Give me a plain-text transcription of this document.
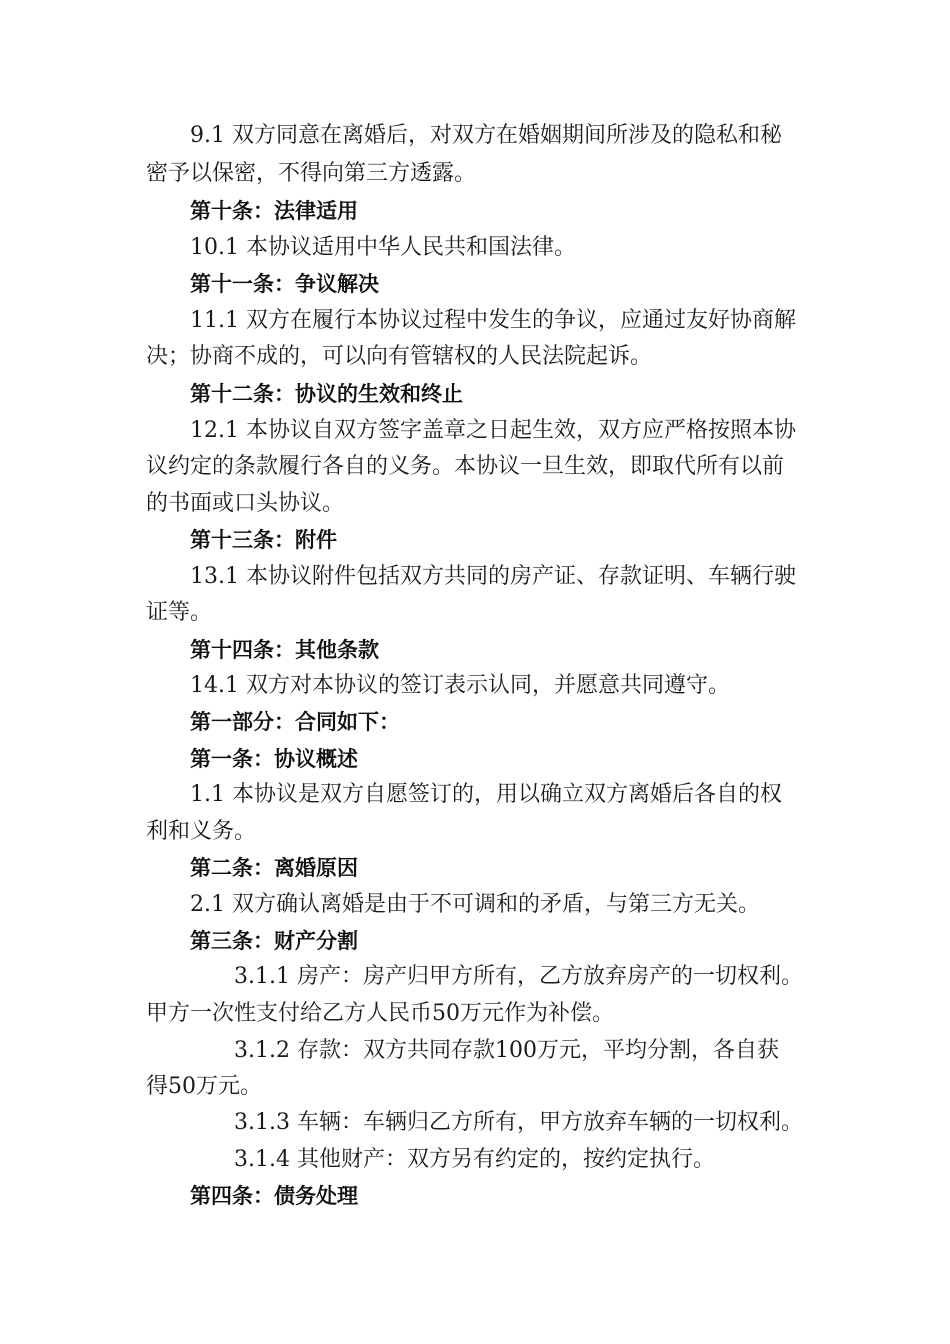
9.1 双方同意在离婚后，对双方在婚姻期间所涉及的隐私和秘
密予以保密，不得向第三方透露。
第十条：法律适用
10.1 本协议适用中华人民共和国法律。
第十一条：争议解决
11.1 双方在履行本协议过程中发生的争议，应通过友好协商解
决；协商不成的，可以向有管辖权的人民法院起诉。
第十二条：协议的生效和终止
12.1 本协议自双方签字盖章之日起生效，双方应严格按照本协
议约定的条款履行各自的义务。本协议一旦生效，即取代所有以前
的书面或口头协议。
第十三条：附件
13.1 本协议附件包括双方共同的房产证、存款证明、车辆行驶
证等。
第十四条：其他条款
14.1 双方对本协议的签订表示认同，并愿意共同遵守。
第一部分：合同如下：
第一条：协议概述
1.1 本协议是双方自愿签订的，用以确立双方离婚后各自的权
利和义务。
第二条：离婚原因
2.1 双方确认离婚是由于不可调和的矛盾，与第三方无关。
第三条：财产分割
3.1.1 房产：房产归甲方所有，乙方放弃房产的一切权利。
甲方一次性支付给乙方人民币50万元作为补偿。
3.1.2 存款：双方共同存款100万元，平均分割，各自获
得50万元。
3.1.3 车辆：车辆归乙方所有，甲方放弃车辆的一切权利。
3.1.4 其他财产：双方另有约定的，按约定执行。
第四条：债务处理
